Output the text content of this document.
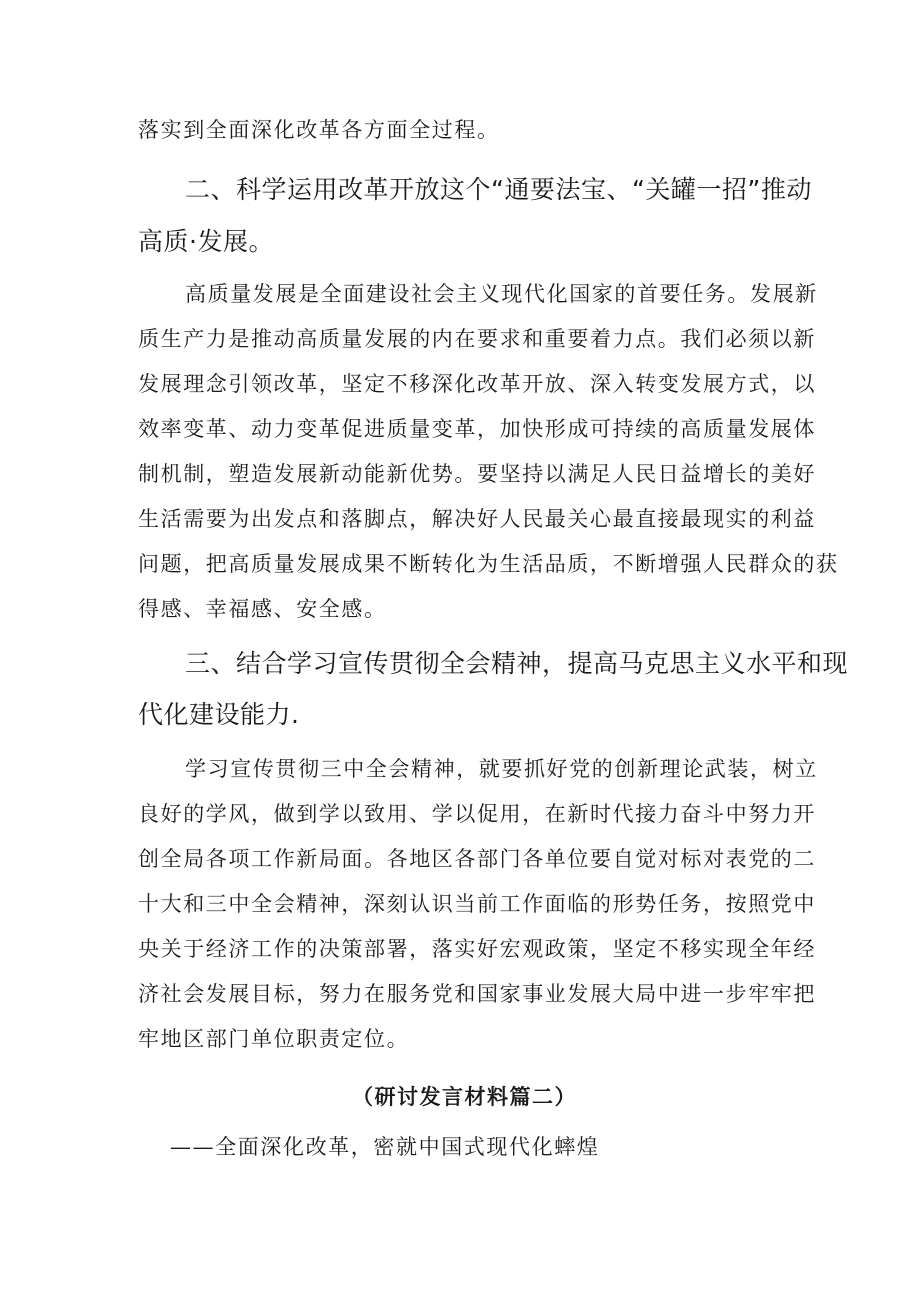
落实到全面深化改革各方面全过程。

二、科学运用改革开放这个“通要法宝、“关罐一招”推动

高质·发展。

高质量发展是全面建设社会主义现代化国家的首要任务。发展新

质生产力是推动高质量发展的内在要求和重要着力点。我们必须以新

发展理念引领改革，坚定不移深化改革开放、深入转变发展方式，以

效率变革、动力变革促进质量变革，加快形成可持续的高质量发展体

制机制，塑造发展新动能新优势。要坚持以满足人民日益增长的美好

生活需要为出发点和落脚点，解决好人民最关心最直接最现实的利益

问题，把高质量发展成果不断转化为生活品质，不断增强人民群众的获

得感、幸福感、安全感。

三、结合学习宣传贯彻全会精神，提高马克思主义水平和现

代化建设能力.

学习宣传贯彻三中全会精神，就要抓好党的创新理论武装，树立

良好的学风，做到学以致用、学以促用，在新时代接力奋斗中努力开

创全局各项工作新局面。各地区各部门各单位要自觉对标对表党的二

十大和三中全会精神，深刻认识当前工作面临的形势任务，按照党中

央关于经济工作的决策部署，落实好宏观政策，坚定不移实现全年经

济社会发展目标，努力在服务党和国家事业发展大局中进一步牢牢把

牢地区部门单位职责定位。

（研讨发言材料篇二）

——全面深化改革，密就中国式现代化蟀煌
